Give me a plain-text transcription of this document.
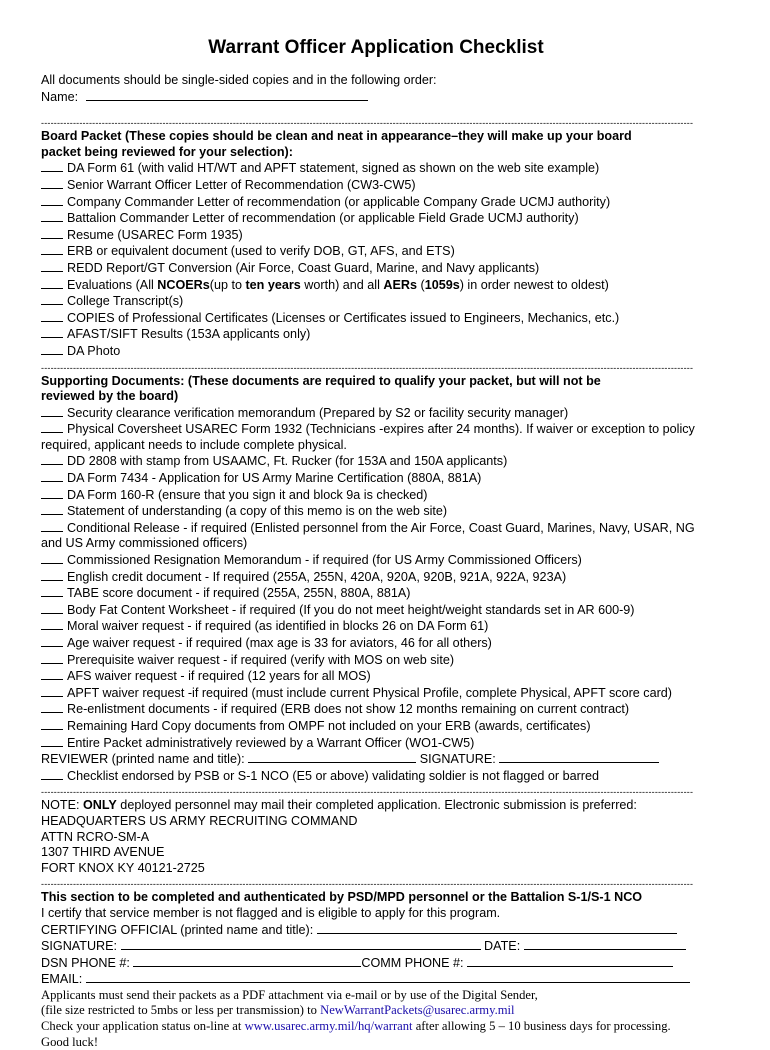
Warrant Officer Application Checklist
All documents should be single-sided copies and in the following order:
Name:
------------------------------------------------------------------------------------------------------------------------------------------------------------------------------------------------------------
Board Packet (These copies should be clean and neat in appearance–they will make up your board packet being reviewed for your selection):
DA Form 61 (with valid HT/WT and APFT statement, signed as shown on the web site example)
Senior Warrant Officer Letter of Recommendation (CW3-CW5)
Company Commander Letter of recommendation (or applicable Company Grade UCMJ authority)
Battalion Commander Letter of recommendation (or applicable Field Grade UCMJ authority)
Resume (USAREC Form 1935)
ERB or equivalent document (used to verify DOB, GT, AFS, and ETS)
REDD Report/GT Conversion (Air Force, Coast Guard, Marine, and Navy applicants)
Evaluations (All NCOERs(up to ten years worth) and all AERs (1059s) in order newest to oldest)
College Transcript(s)
COPIES of Professional Certificates (Licenses or Certificates issued to Engineers, Mechanics, etc.)
AFAST/SIFT Results (153A applicants only)
DA Photo
------------------------------------------------------------------------------------------------------------------------------------------------------------------------------------------------------------
Supporting Documents: (These documents are required to qualify your packet, but will not be reviewed by the board)
Security clearance verification memorandum (Prepared by S2 or facility security manager)
Physical Coversheet USAREC Form 1932 (Technicians -expires after 24 months). If waiver or exception to policy required, applicant needs to include complete physical.
DD 2808 with stamp from USAAMC, Ft. Rucker (for 153A and 150A applicants)
DA Form 7434 - Application for US Army Marine Certification (880A, 881A)
DA Form 160-R (ensure that you sign it and block 9a is checked)
Statement of understanding (a copy of this memo is on the web site)
Conditional Release - if required (Enlisted personnel from the Air Force, Coast Guard, Marines, Navy, USAR, NG and US Army commissioned officers)
Commissioned Resignation Memorandum - if required (for US Army Commissioned Officers)
English credit document - If required (255A, 255N, 420A, 920A, 920B, 921A, 922A, 923A)
TABE score document - if required (255A, 255N, 880A, 881A)
Body Fat Content Worksheet - if required (If you do not meet height/weight standards set in AR 600-9)
Moral waiver request - if required (as identified in blocks 26 on DA Form 61)
Age waiver request - if required (max age is 33 for aviators, 46 for all others)
Prerequisite waiver request - if required (verify with MOS on web site)
AFS waiver request - if required (12 years for all MOS)
APFT waiver request -if required (must include current Physical Profile, complete Physical, APFT score card)
Re-enlistment documents - if required (ERB does not show 12 months remaining on current contract)
Remaining Hard Copy documents from OMPF not included on your ERB (awards, certificates)
Entire Packet administratively reviewed by a Warrant Officer (WO1-CW5)
REVIEWER (printed name and title):	SIGNATURE:
Checklist endorsed by PSB or S-1 NCO (E5 or above) validating soldier is not flagged or barred
------------------------------------------------------------------------------------------------------------------------------------------------------------------------------------------------------------
NOTE: ONLY deployed personnel may mail their completed application. Electronic submission is preferred:
HEADQUARTERS US ARMY RECRUITING COMMAND
ATTN RCRO-SM-A
1307 THIRD AVENUE
FORT KNOX KY 40121-2725
------------------------------------------------------------------------------------------------------------------------------------------------------------------------------------------------------------
This section to be completed and authenticated by PSD/MPD personnel or the Battalion S-1/S-1 NCO
I certify that service member is not flagged and is eligible to apply for this program.
CERTIFYING OFFICIAL (printed name and title):
SIGNATURE:	DATE:
DSN PHONE #:	COMM PHONE #:
EMAIL:
Applicants must send their packets as a PDF attachment via e-mail or by use of the Digital Sender,
(file size restricted to 5mbs or less per transmission) to NewWarrantPackets@usarec.army.mil
Check your application status on-line at www.usarec.army.mil/hq/warrant after allowing 5 – 10 business days for processing. Good luck!
